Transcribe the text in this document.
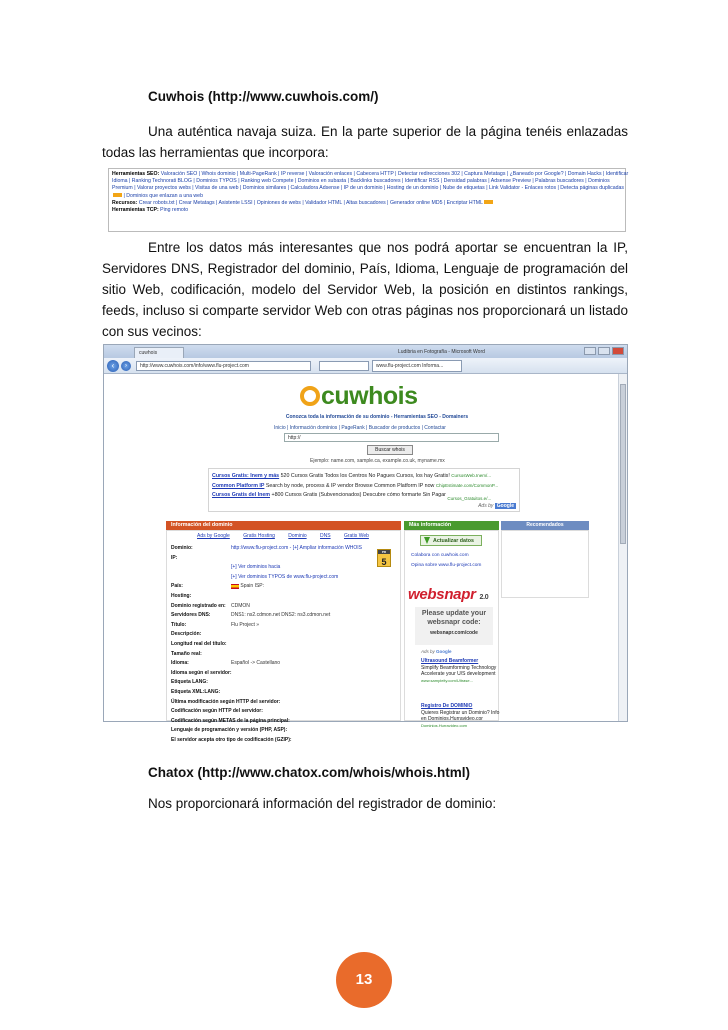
Cuwhois (http://www.cuwhois.com/)

Una auténtica navaja suiza. En la parte superior de la página tenéis enlazadas todas las herramientas que incorpora:

Herramientas SEO: Valoración SEO | Whois dominio | Multi-PageRank | IP reverse | Valoración enlaces | Cabecera HTTP | Detectar redirecciones 302 | Captura Metatags | ¿Baneado por Google? | Domain Hacks | Identificar
Idioma | Ranking Technorati BLOG | Dominios TYPOS | Ranking web Compete | Dominios en subasta | Backlinks buscadores | Identificar RSS | Densidad palabras | Adsense Preview | Palabras buscadores | Dominios
Premium | Valorar proyectos webs | Visitas de una web | Dominios similares | Calculadora Adsense | IP de un dominio | Hosting de un dominio | Nube de etiquetas | Link Validator - Enlaces rotos | Detecta páginas duplicadas
| Dominios que enlazan a una web
Recursos: Crear robots.txt | Crear Metatags | Asistente LSSI | Opiniones de webs | Validador HTML | Altas buscadores | Generador online MD5 | Encriptar HTML
Herramientas TCP: Ping remoto

Entre los datos más interesantes que nos podrá aportar se encuentran la IP, Servidores DNS, Registrador del dominio, País, Idioma, Lenguaje de programación del sitio Web, codificación, modelo del Servidor Web, la posición en distintos rankings, feeds, incluso si comparte servidor Web con otras páginas nos proporcionará un listado con sus vecinos:

cuwhois	Ludibria en Fotografía - Microsoft Word
‹	›	http://www.cuwhois.com/info/www.flu-project.com	www.flu-project.com Informa...
cuwhois
Conozca toda la información de su dominio - Herramientas SEO - Domainers
Inicio | Información dominios | PageRank | Buscador de productos | Contactar
http://
Buscar whois
Ejemplo: name.com, sample.ca, example.co.uk, myname.mx
Cursos Gratis: Inem y más 520 Cursos Gratis Todos los Centros No Pagues Cursos, los hay Gratis! CursosWeb.Inem/...
Common Platform IP Search by node, process & IP vendor Browse Common Platform IP now ChipEstimate.com/CommonP...
Cursos Gratis del Inem +800 Cursos Gratis (Subvencionados) Descubre cómo formarte Sin Pagar Cursos_Gratuitos.e/...
Ads by Google
Información del dominio	Más información	Recomendados
Ads by Google	Gratis Hosting	Dominio	DNS	Gratis Web
PR
5
Dominio:	http://www.flu-project.com - [+] Ampliar información WHOIS
IP:
[+] Ver dominios hacia
[+] Ver dominios TYPOS de www.flu-project.com
País:	Spain ISP:
Hosting:
Dominio registrado en: CDMON
Servidores DNS:	DNS1: ns2.cdmon.net DNS2: ns3.cdmon.net
Título:	Flu Project »
Descripción:
Longitud real del título:
Tamaño real:
Idioma:	Español -> Castellano
Idioma según el servidor:
Etiqueta LANG:
Etiqueta XML:LANG:
Última modificación según HTTP del servidor:
Codificación según HTTP del servidor:
Codificación según METAS de la página principal:
Lenguaje de programación y versión (PHP, ASP):
El servidor acepta otro tipo de codificación (GZIP):
Actualizar datos
Colabora con cuwhois.com
Opina sobre www.flu-project.com
websnapr 2.0
Please update your websnapr code:
websnapr.com/code
Ads by Google
Ultrasound Beamformer
Simplify Beamforming Technology Accelerate your U/S development
www.sampleity.com/Ultrase...
Registro De DOMINIO
Quieres Registrar un Dominio? Info en Dominios.Hurravideo.cor
Dominios.Hurravideo.com
Chatox (http://www.chatox.com/whois/whois.html)

Nos proporcionará información del registrador de dominio:

13
